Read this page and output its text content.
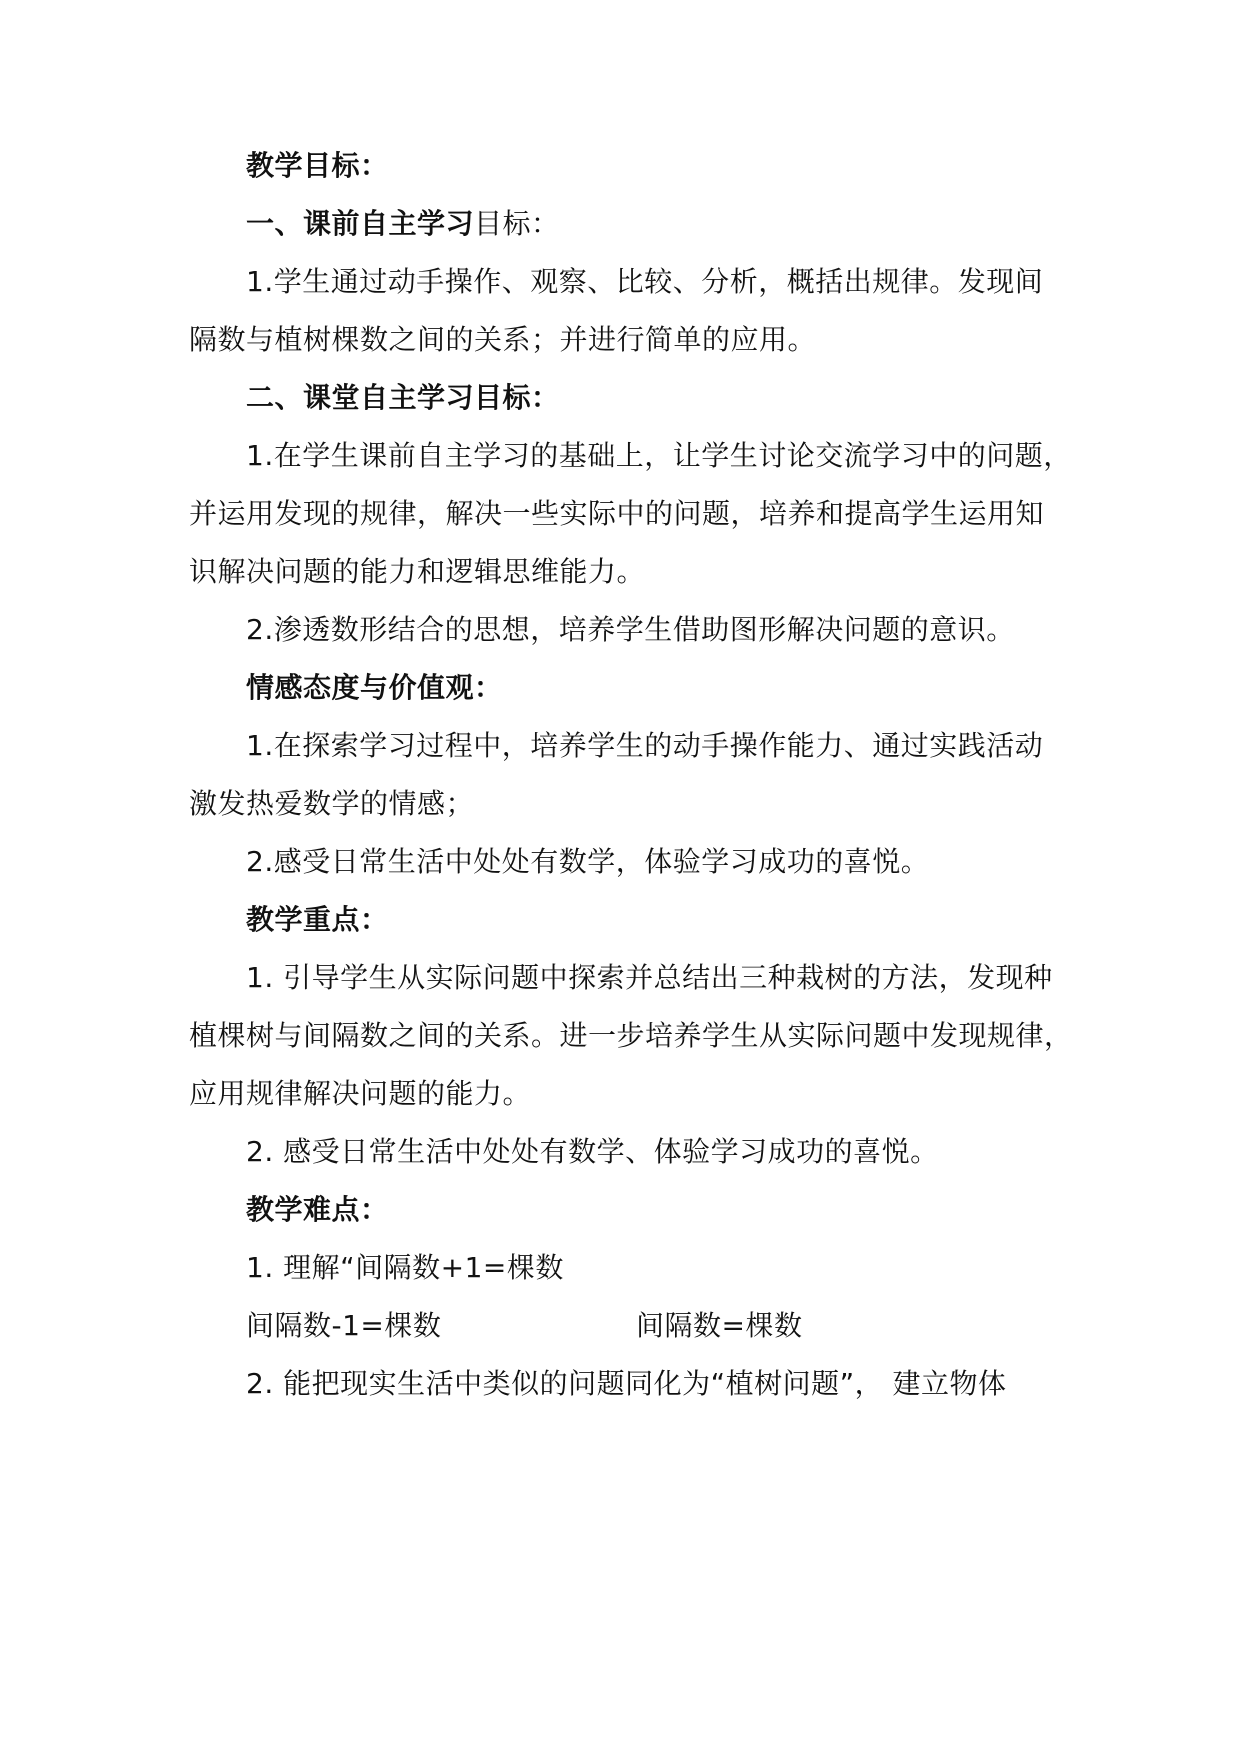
教学目标：
一、课前自主学习目标：
1.学生通过动手操作、观察、比较、分析，概括出规律。发现间
隔数与植树棵数之间的关系；并进行简单的应用。
二、课堂自主学习目标：
1.在学生课前自主学习的基础上，让学生讨论交流学习中的问题，
并运用发现的规律，解决一些实际中的问题，培养和提高学生运用知
识解决问题的能力和逻辑思维能力。
2.渗透数形结合的思想，培养学生借助图形解决问题的意识。
情感态度与价值观：
1.在探索学习过程中，培养学生的动手操作能力、通过实践活动
激发热爱数学的情感；
2.感受日常生活中处处有数学，体验学习成功的喜悦。
教学重点：
1. 引导学生从实际问题中探索并总结出三种栽树的方法，发现种
植棵树与间隔数之间的关系。进一步培养学生从实际问题中发现规律，
应用规律解决问题的能力。
2. 感受日常生活中处处有数学、体验学习成功的喜悦。
教学难点：
1. 理解“间隔数+1=棵数
间隔数-1=棵数	间隔数=棵数
2. 能把现实生活中类似的问题同化为“植树问题”， 建立物体
